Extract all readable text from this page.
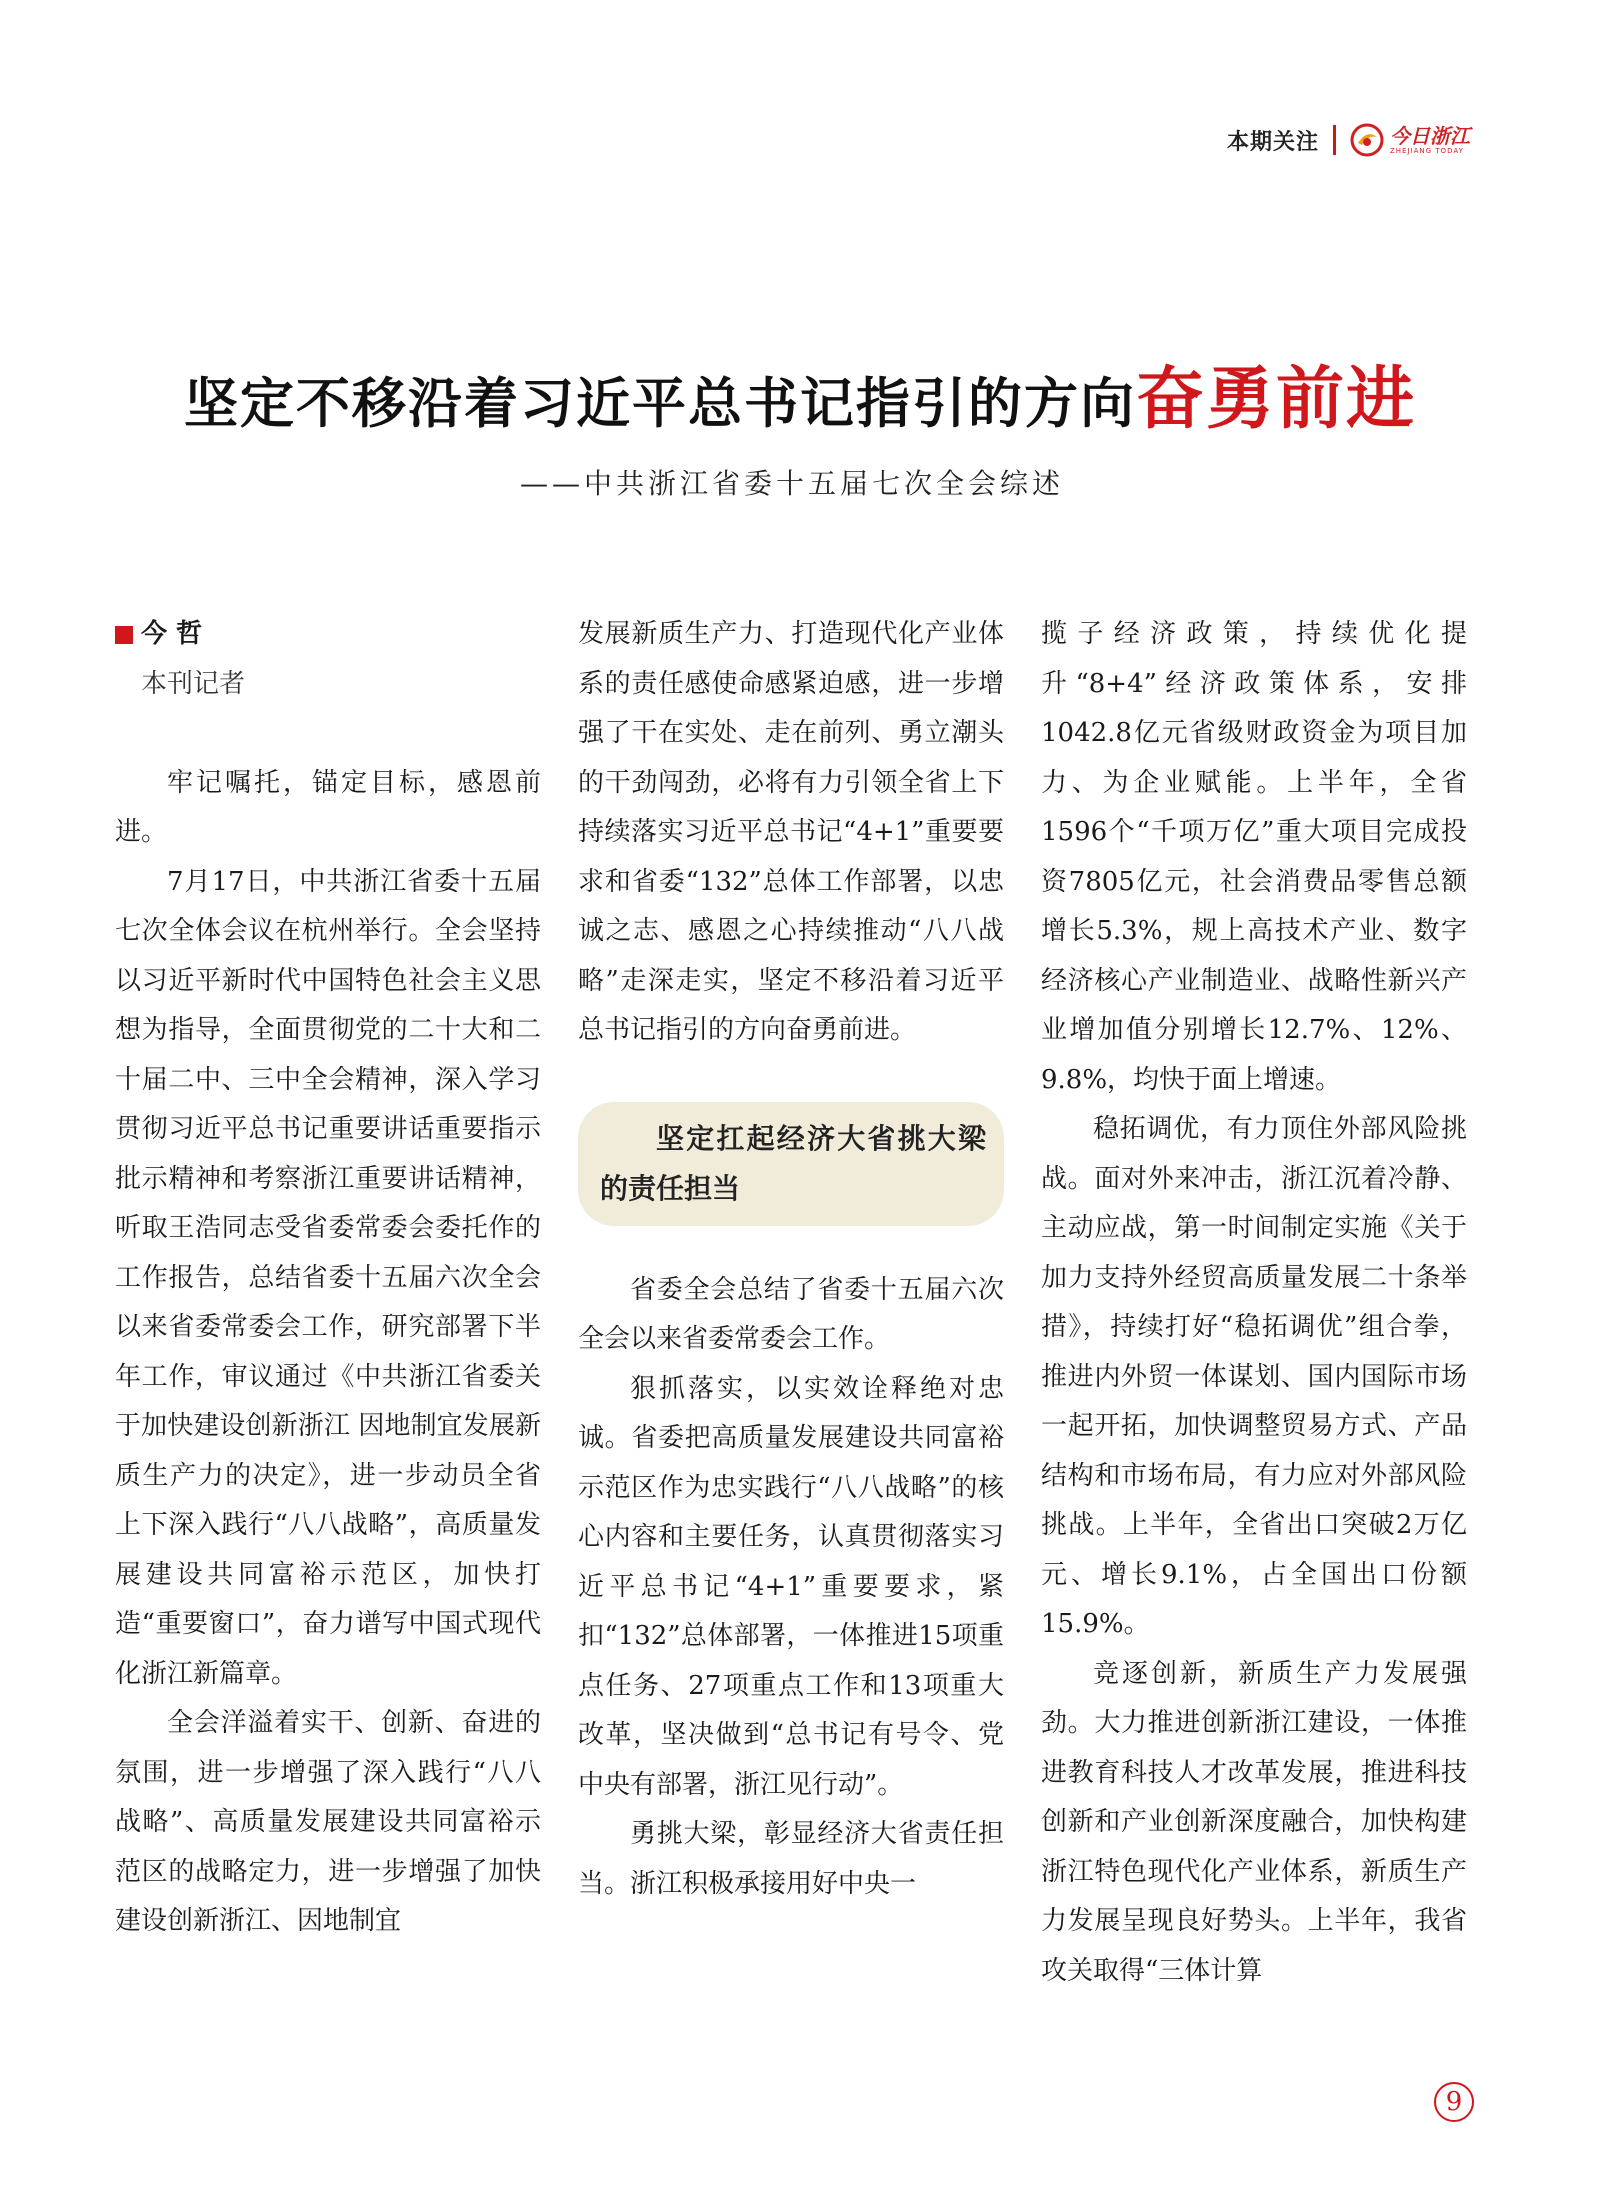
本期关注	今日浙江
ZHEJIANG TODAY
坚定不移沿着习近平总书记指引的方向奋勇前进
——中共浙江省委十五届七次全会综述
今 哲
本刊记者

牢记嘱托，锚定目标，感恩前进。

7月17日，中共浙江省委十五届七次全体会议在杭州举行。全会坚持以习近平新时代中国特色社会主义思想为指导，全面贯彻党的二十大和二十届二中、三中全会精神，深入学习贯彻习近平总书记重要讲话重要指示批示精神和考察浙江重要讲话精神，听取王浩同志受省委常委会委托作的工作报告，总结省委十五届六次全会以来省委常委会工作，研究部署下半年工作，审议通过《中共浙江省委关于加快建设创新浙江 因地制宜发展新质生产力的决定》，进一步动员全省上下深入践行“八八战略”，高质量发展建设共同富裕示范区，加快打造“重要窗口”，奋力谱写中国式现代化浙江新篇章。

全会洋溢着实干、创新、奋进的氛围，进一步增强了深入践行“八八战略”、高质量发展建设共同富裕示范区的战略定力，进一步增强了加快建设创新浙江、因地制宜

发展新质生产力、打造现代化产业体系的责任感使命感紧迫感，进一步增强了干在实处、走在前列、勇立潮头的干劲闯劲，必将有力引领全省上下持续落实习近平总书记“4+1”重要要求和省委“132”总体工作部署，以忠诚之志、感恩之心持续推动“八八战略”走深走实，坚定不移沿着习近平总书记指引的方向奋勇前进。

坚定扛起经济大省挑大梁的责任担当

省委全会总结了省委十五届六次全会以来省委常委会工作。

狠抓落实，以实效诠释绝对忠诚。省委把高质量发展建设共同富裕示范区作为忠实践行“八八战略”的核心内容和主要任务，认真贯彻落实习近平总书记“4+1”重要要求，紧扣“132”总体部署，一体推进15项重点任务、27项重点工作和13项重大改革，坚决做到“总书记有号令、党中央有部署，浙江见行动”。

勇挑大梁，彰显经济大省责任担当。浙江积极承接用好中央一

揽子经济政策，持续优化提升“8+4”经济政策体系，安排1042.8亿元省级财政资金为项目加力、为企业赋能。上半年，全省1596个“千项万亿”重大项目完成投资7805亿元，社会消费品零售总额增长5.3%，规上高技术产业、数字经济核心产业制造业、战略性新兴产业增加值分别增长12.7%、12%、9.8%，均快于面上增速。

稳拓调优，有力顶住外部风险挑战。面对外来冲击，浙江沉着冷静、主动应战，第一时间制定实施《关于加力支持外经贸高质量发展二十条举措》，持续打好“稳拓调优”组合拳，推进内外贸一体谋划、国内国际市场一起开拓，加快调整贸易方式、产品结构和市场布局，有力应对外部风险挑战。上半年，全省出口突破2万亿元、增长9.1%，占全国出口份额15.9%。

竞逐创新，新质生产力发展强劲。大力推进创新浙江建设，一体推进教育科技人才改革发展，推进科技创新和产业创新深度融合，加快构建浙江特色现代化产业体系，新质生产力发展呈现良好势头。上半年，我省攻关取得“三体计算

9
